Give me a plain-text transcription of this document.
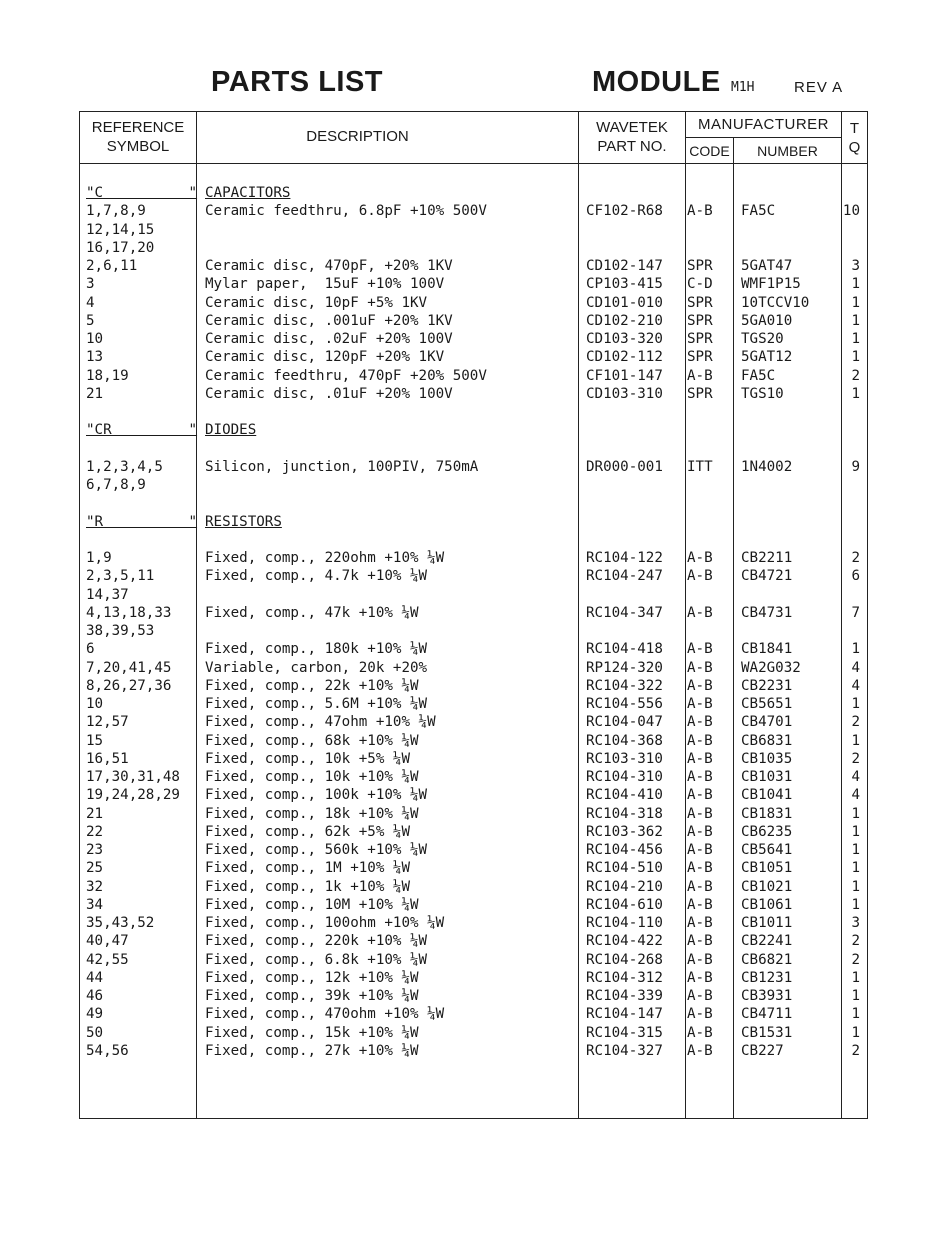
PARTS LIST	MODULE M1H	REV A
REFERENCE
SYMBOL
DESCRIPTION
WAVETEK
PART NO.
MANUFACTURER
CODE	NUMBER
T
Q
"C          " CAPACITORS
1,7,8,9	Ceramic feedthru, 6.8pF +10% 500V	CF102-R68 A-B FA5C	10
12,14,15
16,17,20
2,6,11	Ceramic disc, 470pF, +20% 1KV	CD102-147 SPR 5GAT47	3
3	Mylar paper,  15uF +10% 100V	CP103-415 C-D WMF1P15	1
4	Ceramic disc, 10pF +5% 1KV	CD101-010 SPR 10TCCV10	1
5	Ceramic disc, .001uF +20% 1KV	CD102-210 SPR 5GA010	1
10	Ceramic disc, .02uF +20% 100V	CD103-320 SPR TGS20	1
13	Ceramic disc, 120pF +20% 1KV	CD102-112 SPR 5GAT12	1
18,19	Ceramic feedthru, 470pF +20% 500V	CF101-147 A-B FA5C	2
21	Ceramic disc, .01uF +20% 100V	CD103-310 SPR TGS10	1
"CR         " DIODES
1,2,3,4,5	Silicon, junction, 100PIV, 750mA	DR000-001 ITT 1N4002	9
6,7,8,9
"R          " RESISTORS
1,9	Fixed, comp., 220ohm +10% ¼W	RC104-122 A-B CB2211	2
2,3,5,11	Fixed, comp., 4.7k +10% ¼W	RC104-247 A-B CB4721	6
14,37
4,13,18,33 Fixed, comp., 47k +10% ¼W	RC104-347 A-B CB4731	7
38,39,53
6	Fixed, comp., 180k +10% ¼W	RC104-418 A-B CB1841	1
7,20,41,45 Variable, carbon, 20k +20%	RP124-320 A-B WA2G032	4
8,26,27,36 Fixed, comp., 22k +10% ¼W	RC104-322 A-B CB2231	4
10	Fixed, comp., 5.6M +10% ¼W	RC104-556 A-B CB5651	1
12,57	Fixed, comp., 47ohm +10% ¼W	RC104-047 A-B CB4701	2
15	Fixed, comp., 68k +10% ¼W	RC104-368 A-B CB6831	1
16,51	Fixed, comp., 10k +5% ¼W	RC103-310 A-B CB1035	2
17,30,31,48 Fixed, comp., 10k +10% ¼W	RC104-310 A-B CB1031	4
19,24,28,29 Fixed, comp., 100k +10% ¼W	RC104-410 A-B CB1041	4
21	Fixed, comp., 18k +10% ¼W	RC104-318 A-B CB1831	1
22	Fixed, comp., 62k +5% ¼W	RC103-362 A-B CB6235	1
23	Fixed, comp., 560k +10% ¼W	RC104-456 A-B CB5641	1
25	Fixed, comp., 1M +10% ¼W	RC104-510 A-B CB1051	1
32	Fixed, comp., 1k +10% ¼W	RC104-210 A-B CB1021	1
34	Fixed, comp., 10M +10% ¼W	RC104-610 A-B CB1061	1
35,43,52	Fixed, comp., 100ohm +10% ¼W	RC104-110 A-B CB1011	3
40,47	Fixed, comp., 220k +10% ¼W	RC104-422 A-B CB2241	2
42,55	Fixed, comp., 6.8k +10% ¼W	RC104-268 A-B CB6821	2
44	Fixed, comp., 12k +10% ¼W	RC104-312 A-B CB1231	1
46	Fixed, comp., 39k +10% ¼W	RC104-339 A-B CB3931	1
49	Fixed, comp., 470ohm +10% ¼W	RC104-147 A-B CB4711	1
50	Fixed, comp., 15k +10% ¼W	RC104-315 A-B CB1531	1
54,56	Fixed, comp., 27k +10% ¼W	RC104-327 A-B CB227	2
